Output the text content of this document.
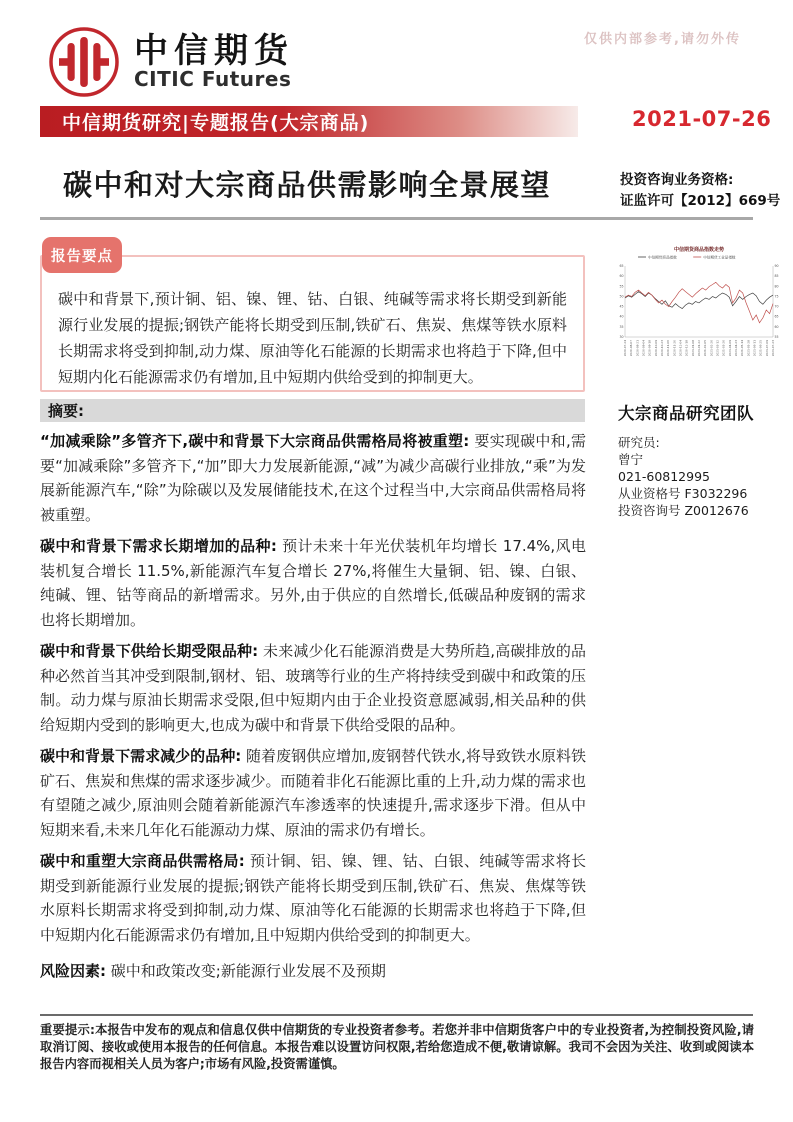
仅供内部参考,请勿外传
中信期货
CITIC Futures
中信期货研究|专题报告(大宗商品)	2021-07-26
碳中和对大宗商品供需影响全景展望	投资咨询业务资格:
证监许可【2012】669号
中信期货商品指数走势
中信期货商品指数	中信期货工业品指数
65
60
55
50
45
40
35
30
90
85
80
75
70
65
60
55
2020-07-24 2020-08-07 2020-08-21 2020-09-04 2020-09-18 2020-10-09 2020-10-23 2020-11-06 2020-11-20 2020-12-04 2020-12-18 2021-01-08 2021-01-22 2021-02-05 2021-02-26 2021-03-12 2021-03-26 2021-04-09 2021-04-23 2021-05-14 2021-05-28 2021-06-11 2021-06-25 2021-07-09 2021-07-23

大宗商品研究团队

研究员:
曾宁
021-60812995
从业资格号 F3032296
投资咨询号 Z0012676
报告要点
碳中和背景下,预计铜、铝、镍、锂、钴、白银、纯碱等需求将长期受到新能源行业发展的提振;钢铁产能将长期受到压制,铁矿石、焦炭、焦煤等铁水原料长期需求将受到抑制,动力煤、原油等化石能源的长期需求也将趋于下降,但中短期内化石能源需求仍有增加,且中短期内供给受到的抑制更大。
摘要:

“加减乘除”多管齐下,碳中和背景下大宗商品供需格局将被重塑: 要实现碳中和,需要“加减乘除”多管齐下,“加”即大力发展新能源,“减”为减少高碳行业排放,“乘”为发展新能源汽车,“除”为除碳以及发展储能技术,在这个过程当中,大宗商品供需格局将被重塑。

碳中和背景下需求长期增加的品种: 预计未来十年光伏装机年均增长 17.4%,风电装机复合增长 11.5%,新能源汽车复合增长 27%,将催生大量铜、铝、镍、白银、纯碱、锂、钴等商品的新增需求。另外,由于供应的自然增长,低碳品种废钢的需求也将长期增加。

碳中和背景下供给长期受限品种: 未来减少化石能源消费是大势所趋,高碳排放的品种必然首当其冲受到限制,钢材、铝、玻璃等行业的生产将持续受到碳中和政策的压制。动力煤与原油长期需求受限,但中短期内由于企业投资意愿减弱,相关品种的供给短期内受到的影响更大,也成为碳中和背景下供给受限的品种。

碳中和背景下需求减少的品种: 随着废钢供应增加,废钢替代铁水,将导致铁水原料铁矿石、焦炭和焦煤的需求逐步减少。而随着非化石能源比重的上升,动力煤的需求也有望随之减少,原油则会随着新能源汽车渗透率的快速提升,需求逐步下滑。但从中短期来看,未来几年化石能源动力煤、原油的需求仍有增长。

碳中和重塑大宗商品供需格局: 预计铜、铝、镍、锂、钴、白银、纯碱等需求将长期受到新能源行业发展的提振;钢铁产能将长期受到压制,铁矿石、焦炭、焦煤等铁水原料长期需求将受到抑制,动力煤、原油等化石能源的长期需求也将趋于下降,但中短期内化石能源需求仍有增加,且中短期内供给受到的抑制更大。

风险因素: 碳中和政策改变;新能源行业发展不及预期

重要提示:本报告中发布的观点和信息仅供中信期货的专业投资者参考。若您并非中信期货客户中的专业投资者,为控制投资风险,请取消订阅、接收或使用本报告的任何信息。本报告难以设置访问权限,若给您造成不便,敬请谅解。我司不会因为关注、收到或阅读本报告内容而视相关人员为客户;市场有风险,投资需谨慎。
